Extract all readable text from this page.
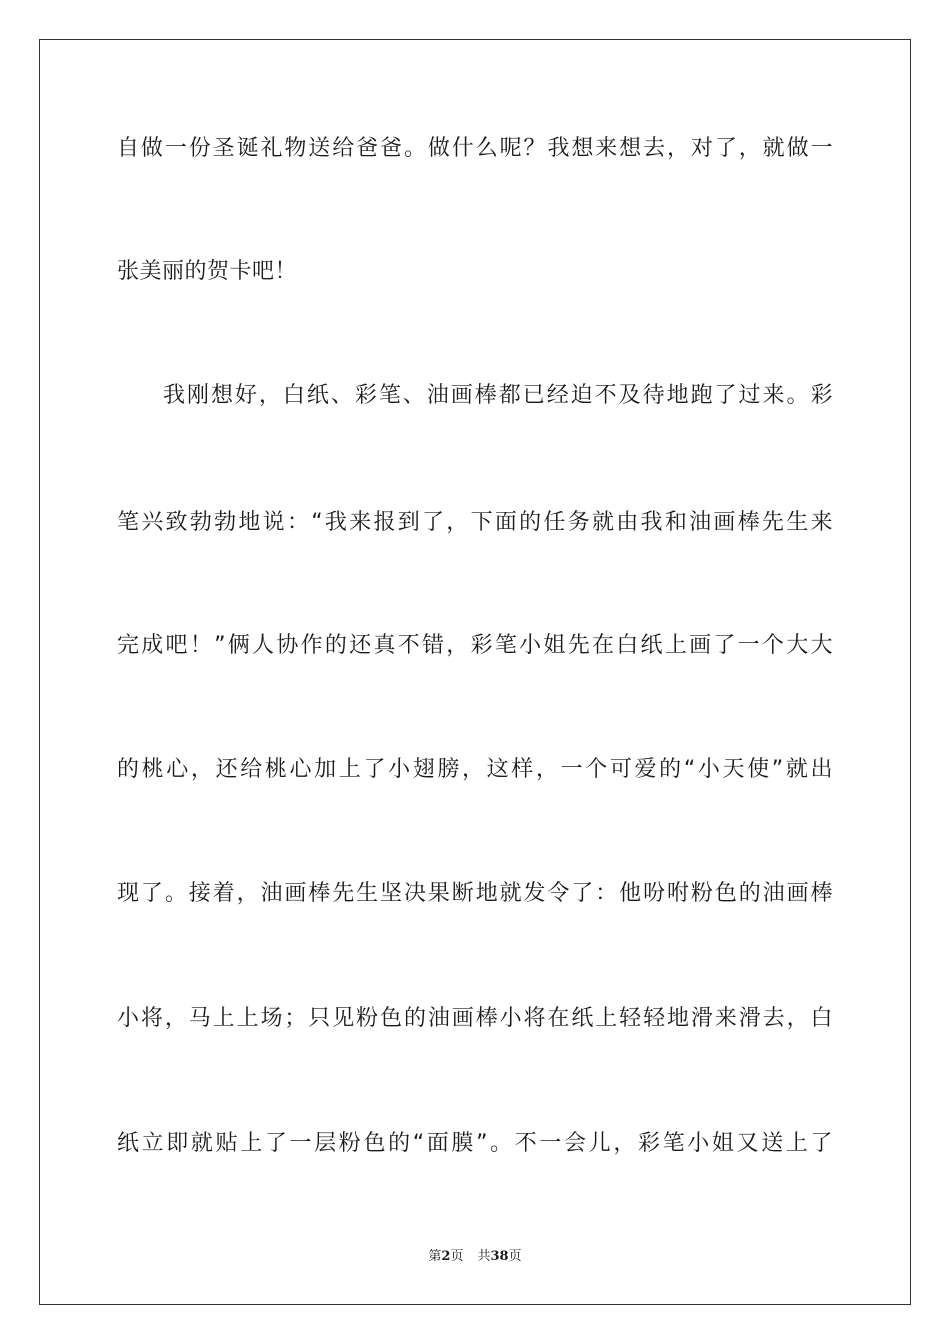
自做一份圣诞礼物送给爸爸。做什么呢？我想来想去，对了，就做一
张美丽的贺卡吧！
我刚想好，白纸、彩笔、油画棒都已经迫不及待地跑了过来。彩
笔兴致勃勃地说：“我来报到了，下面的任务就由我和油画棒先生来
完成吧！”俩人协作的还真不错，彩笔小姐先在白纸上画了一个大大
的桃心，还给桃心加上了小翅膀，这样，一个可爱的“小天使”就出
现了。接着，油画棒先生坚决果断地就发令了：他吩咐粉色的油画棒
小将，马上上场；只见粉色的油画棒小将在纸上轻轻地滑来滑去，白
纸立即就贴上了一层粉色的“面膜”。不一会儿，彩笔小姐又送上了
第2页 共38页
